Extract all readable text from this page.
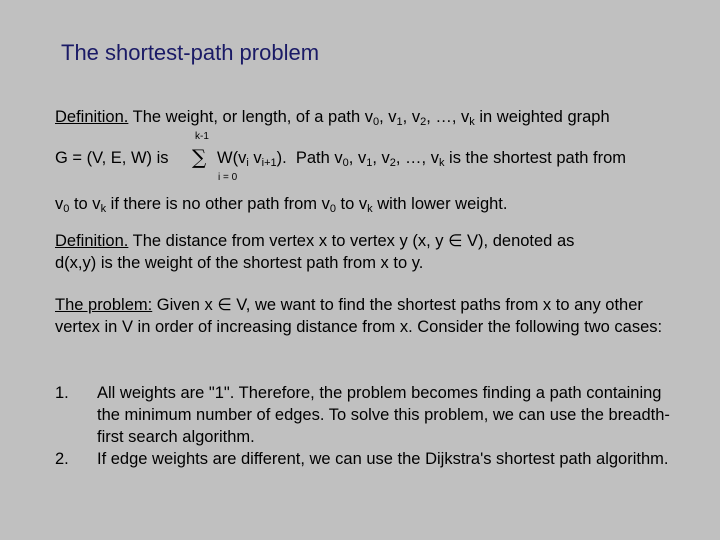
The shortest-path problem
Definition. The weight, or length, of a path $v_0$, $v_1$, $v_2$, …, $v_k$ in weighted graph
k-1
G = (V, E, W) is ∑ $W(v_i$ $v_{i+1}$).  Path $v_0$, $v_1$, $v_2$, …, $v_k$ is the shortest path from
i = 0
$v_0$ to $v_k$ if there is no other path from $v_0$ to $v_k$ with lower weight.
Definition. The distance from vertex x to vertex y (x, y ∈ V), denoted as
d(x,y) is the weight of the shortest path from x to y.
The problem: Given x ∈ V, we want to find the shortest paths from x to any other vertex in V in order of increasing distance from x. Consider the following two cases:
1.	All weights are "1". Therefore, the problem becomes finding a path containing the minimum number of edges. To solve this problem, we can use the breadth-first search algorithm.
2.	If edge weights are different, we can use the Dijkstra's shortest path algorithm.
